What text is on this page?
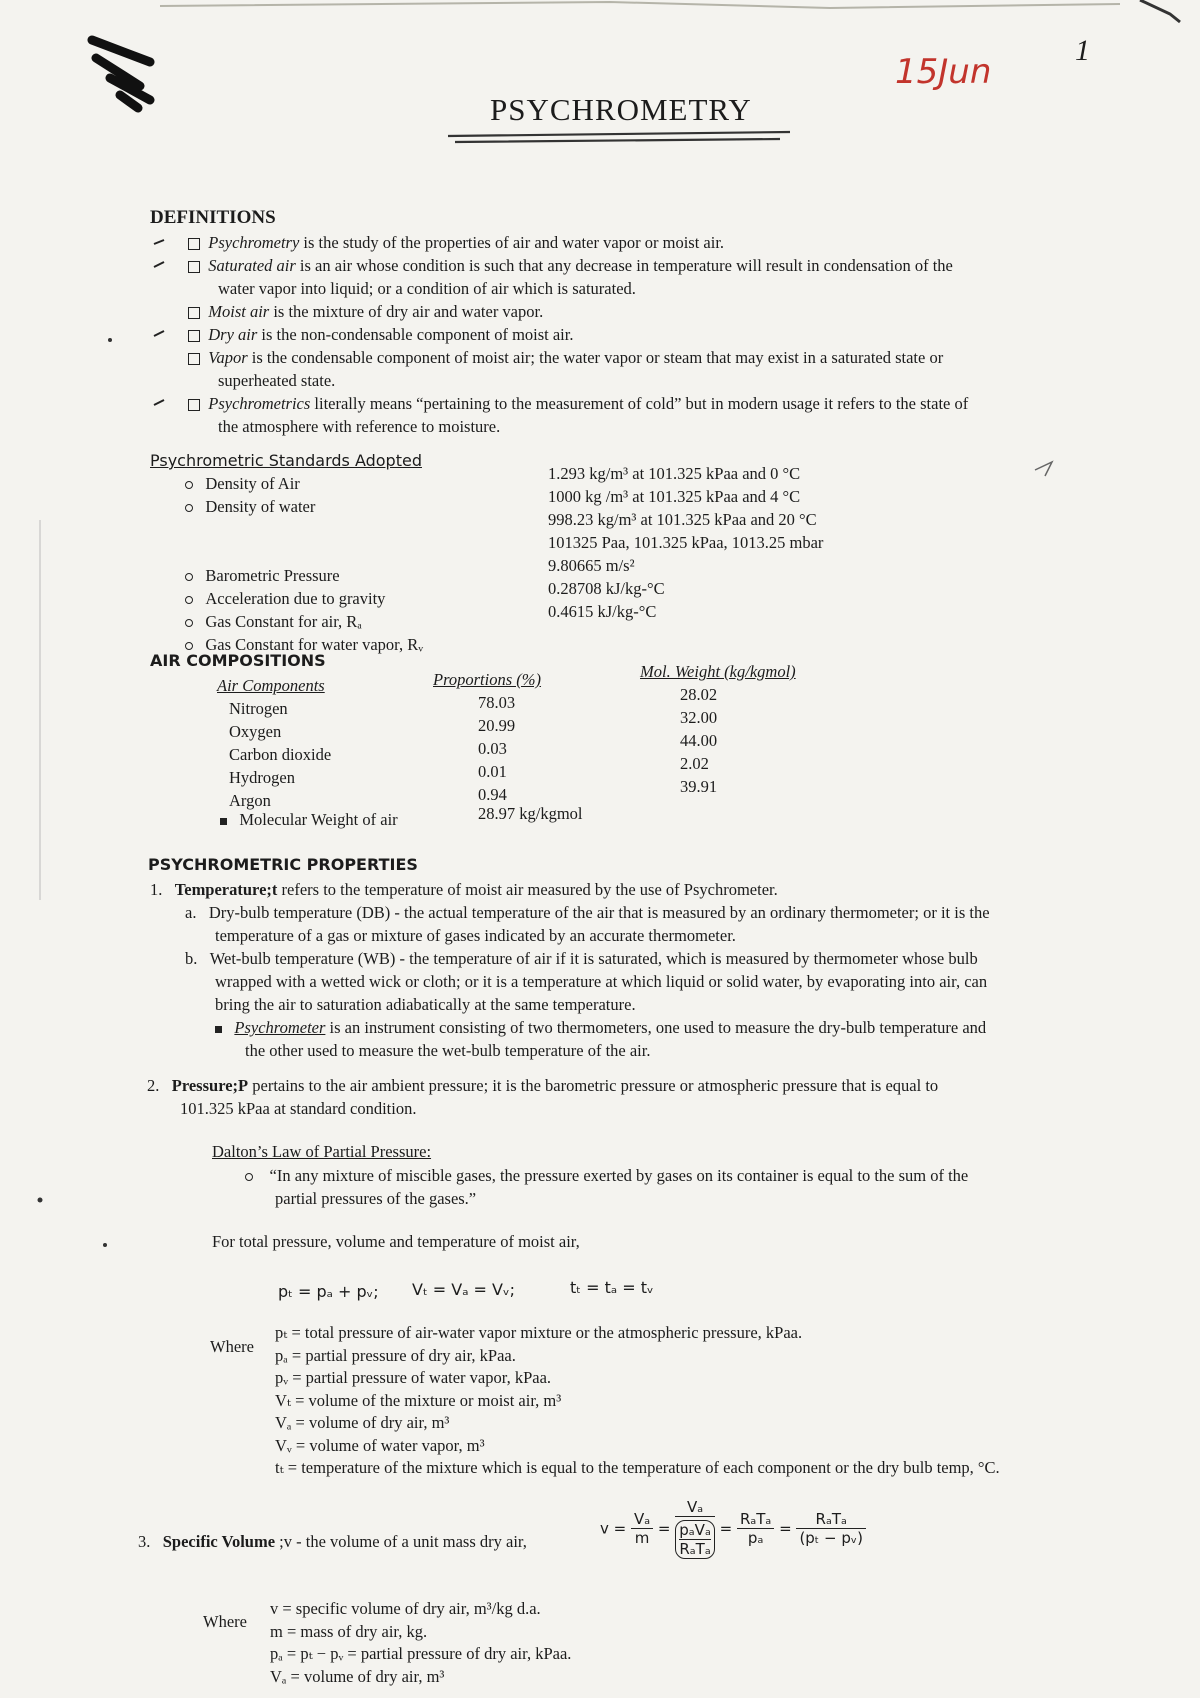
15Jun
1
PSYCHROMETRY
DEFINITIONS
Psychrometry is the study of the properties of air and water vapor or moist air.
Saturated air is an air whose condition is such that any decrease in temperature will result in condensation of the
water vapor into liquid; or a condition of air which is saturated.
Moist air is the mixture of dry air and water vapor.
Dry air is the non-condensable component of moist air.
Vapor is the condensable component of moist air; the water vapor or steam that may exist in a saturated state or
superheated state.
Psychrometrics literally means “pertaining to the measurement of cold” but in modern usage it refers to the state of
the atmosphere with reference to moisture.
Psychrometric Standards Adopted
Density of Air
Density of water
Barometric Pressure
Acceleration due to gravity
Gas Constant for air, Rₐ
Gas Constant for water vapor, Rᵥ
1.293 kg/m³ at 101.325 kPaa and 0 °C
1000 kg /m³ at 101.325 kPaa and 4 °C
998.23 kg/m³ at 101.325 kPaa and 20 °C
101325 Paa, 101.325 kPaa, 1013.25 mbar
9.80665 m/s²
0.28708 kJ/kg-°C
0.4615 kJ/kg-°C
AIR COMPOSITIONS
Air Components
Nitrogen
Oxygen
Carbon dioxide
Hydrogen
Argon
Proportions (%)
78.03
20.99
0.03
0.01
0.94
Mol. Weight (kg/kgmol)
28.02
32.00
44.00
2.02
39.91
Molecular Weight of air	28.97 kg/kgmol
PSYCHROMETRIC PROPERTIES
1. Temperature;t refers to the temperature of moist air measured by the use of Psychrometer.
a. Dry-bulb temperature (DB) - the actual temperature of the air that is measured by an ordinary thermometer; or it is the
temperature of a gas or mixture of gases indicated by an accurate thermometer.
b. Wet-bulb temperature (WB) - the temperature of air if it is saturated, which is measured by thermometer whose bulb
wrapped with a wetted wick or cloth; or it is a temperature at which liquid or solid water, by evaporating into air, can
bring the air to saturation adiabatically at the same temperature.
Psychrometer is an instrument consisting of two thermometers, one used to measure the dry-bulb temperature and
the other used to measure the wet-bulb temperature of the air.
2. Pressure;P pertains to the air ambient pressure; it is the barometric pressure or atmospheric pressure that is equal to
101.325 kPaa at standard condition.
Dalton’s Law of Partial Pressure:
“In any mixture of miscible gases, the pressure exerted by gases on its container is equal to the sum of the
partial pressures of the gases.”
For total pressure, volume and temperature of moist air,
pₜ = pₐ + pᵥ; Vₜ = Vₐ = Vᵥ;	tₜ = tₐ = tᵥ
Where
pₜ = total pressure of air-water vapor mixture or the atmospheric pressure, kPaa.
pₐ = partial pressure of dry air, kPaa.
pᵥ = partial pressure of water vapor, kPaa.
Vₜ = volume of the mixture or moist air, m³
Vₐ = volume of dry air, m³
Vᵥ = volume of water vapor, m³
tₜ = temperature of the mixture which is equal to the temperature of each component or the dry bulb temp, °C.
3. Specific Volume ;v - the volume of a unit mass dry air,
$v = \frac{\text{Vₐ}}{m} = V_a$
pₐVₐ
$R_aT_a = \frac{\text{RₐTₐ}}{\text{pₐ}} = \frac{\text{RₐTₐ}}{\text{(pₜ − pᵥ)}}$
Where
v = specific volume of dry air, m³/kg d.a.
m = mass of dry air, kg.
pₐ = pₜ − pᵥ = partial pressure of dry air, kPaa.
Vₐ = volume of dry air, m³
